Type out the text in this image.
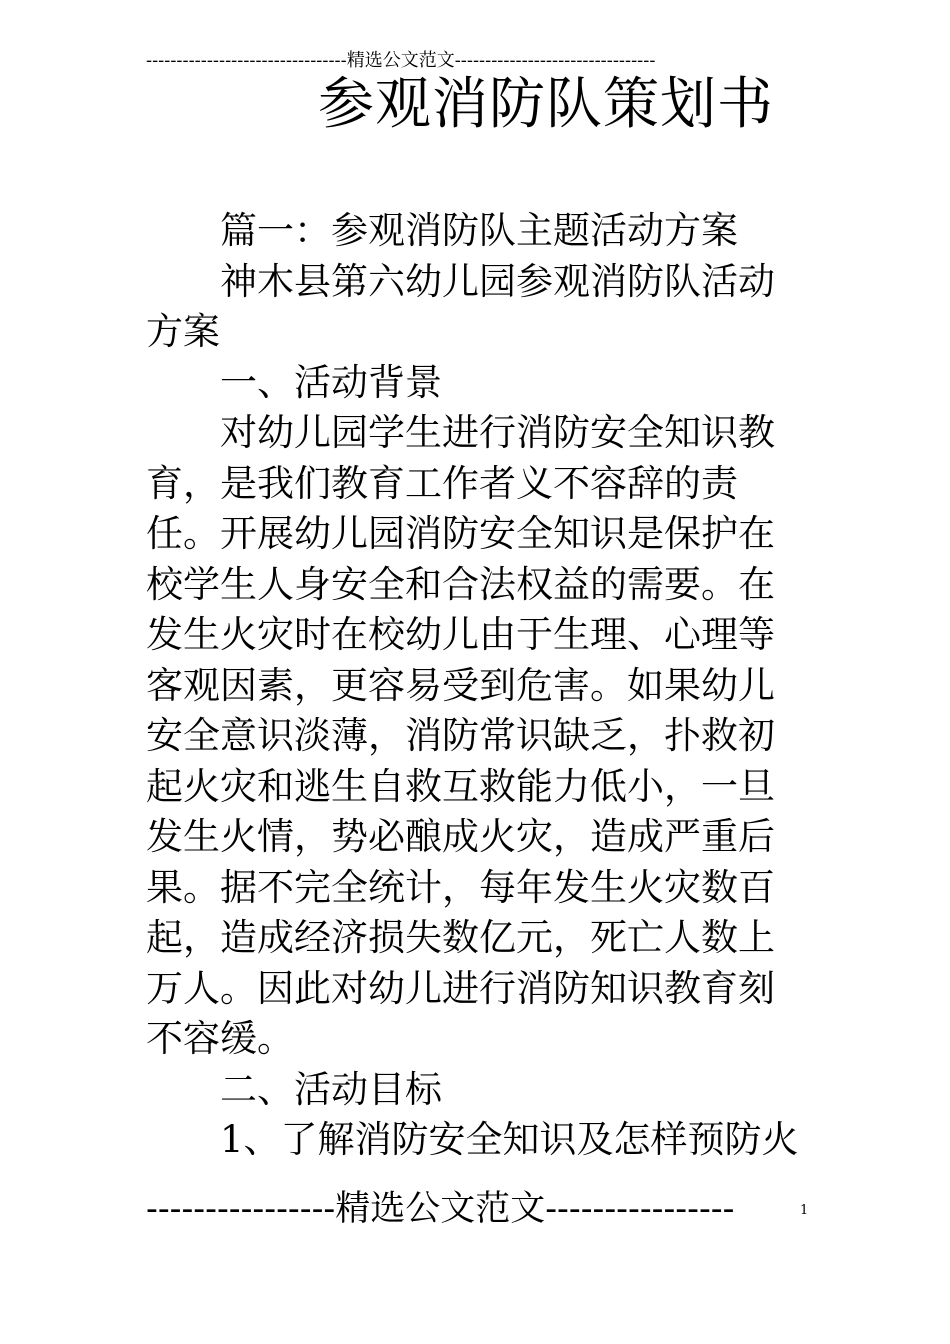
---------------------------------精选公文范文---------------------------------
参观消防队策划书

篇一：参观消防队主题活动方案

神木县第六幼儿园参观消防队活动方案

一、活动背景

对幼儿园学生进行消防安全知识教育，是我们教育工作者义不容辞的责任。开展幼儿园消防安全知识是保护在校学生人身安全和合法权益的需要。在发生火灾时在校幼儿由于生理、心理等客观因素，更容易受到危害。如果幼儿安全意识淡薄，消防常识缺乏，扑救初起火灾和逃生自救互救能力低小，一旦发生火情，势必酿成火灾，造成严重后果。据不完全统计，每年发生火灾数百起，造成经济损失数亿元，死亡人数上万人。因此对幼儿进行消防知识教育刻不容缓。

二、活动目标

1、了解消防安全知识及怎样预防火

----------------精选公文范文----------------	1
